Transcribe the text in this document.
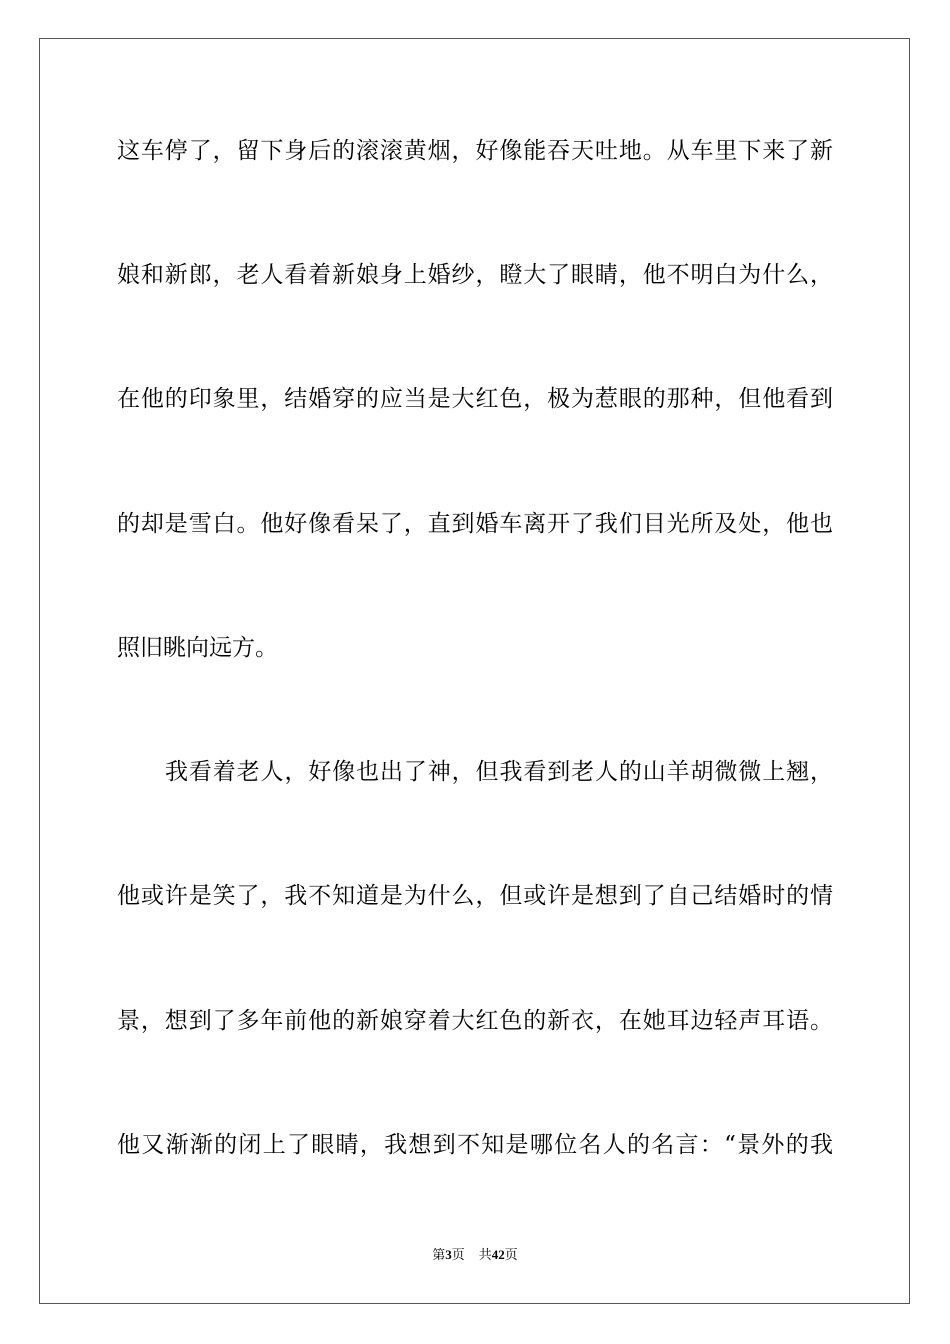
这车停了，留下身后的滚滚黄烟，好像能吞天吐地。从车里下来了新
娘和新郎，老人看着新娘身上婚纱，瞪大了眼睛，他不明白为什么，
在他的印象里，结婚穿的应当是大红色，极为惹眼的那种，但他看到
的却是雪白。他好像看呆了，直到婚车离开了我们目光所及处，他也
照旧眺向远方。
我看着老人，好像也出了神，但我看到老人的山羊胡微微上翘，
他或许是笑了，我不知道是为什么，但或许是想到了自己结婚时的情
景，想到了多年前他的新娘穿着大红色的新衣，在她耳边轻声耳语。
他又渐渐的闭上了眼睛，我想到不知是哪位名人的名言：“景外的我
第3页 共42页
